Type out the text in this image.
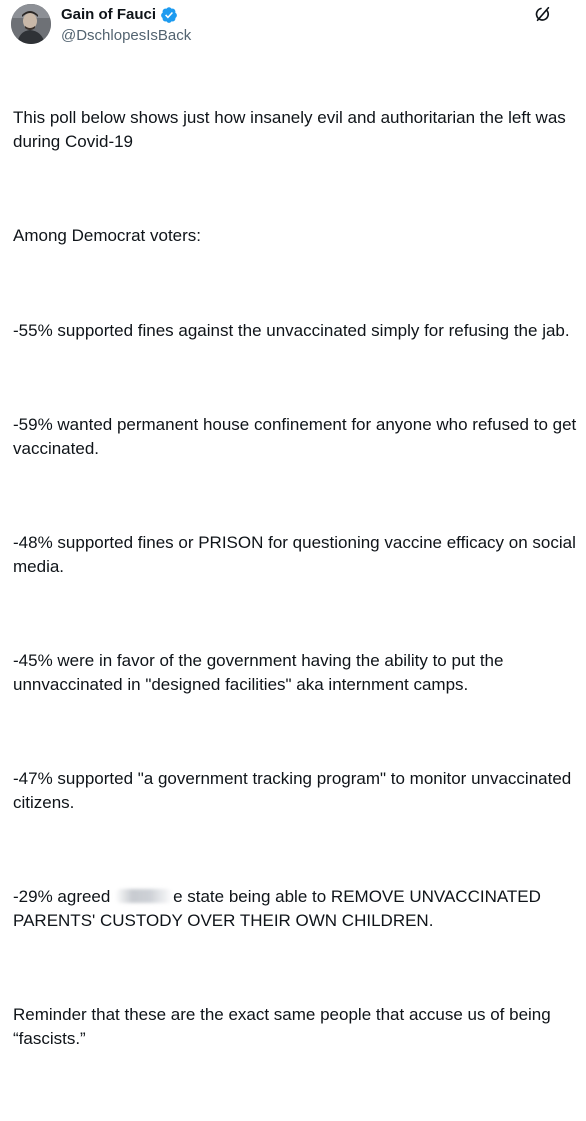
Gain of Fauci
@DschlopesIsBack

This poll below shows just how insanely evil and authoritarian the left was during Covid-19

Among Democrat voters:

-55% supported fines against the unvaccinated simply for refusing the jab.

-59% wanted permanent house confinement for anyone who refused to get vaccinated.

-48% supported fines or PRISON for questioning vaccine efficacy on social media.

-45% were in favor of the government having the ability to put the unnvaccinated in "designed facilities" aka internment camps.

-47% supported "a government tracking program" to monitor unvaccinated citizens.

-29% agreed	e state being able to REMOVE UNVACCINATED PARENTS' CUSTODY OVER THEIR OWN CHILDREN.

Reminder that these are the exact same people that accuse us of being “fascists.”
